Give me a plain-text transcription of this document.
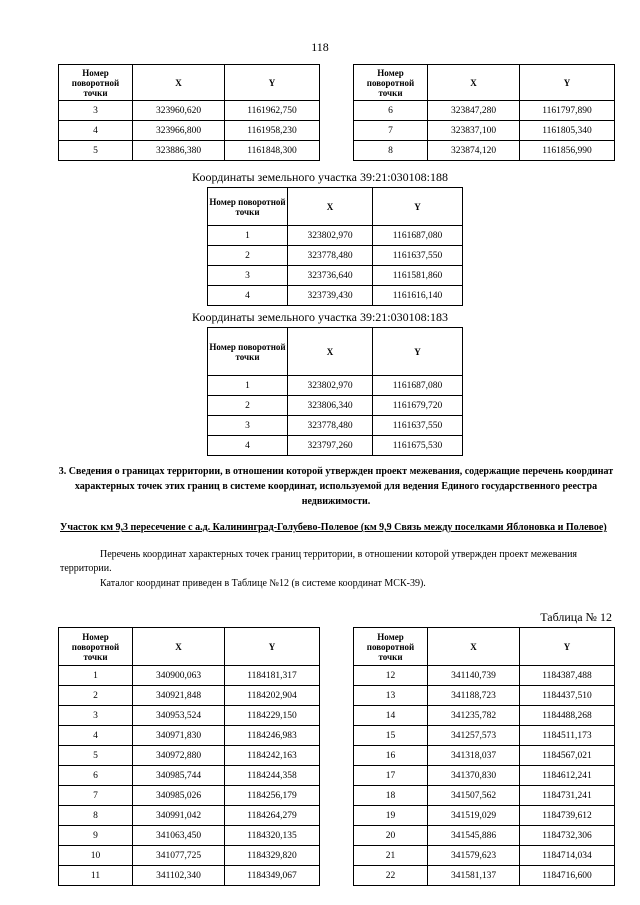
118
Номер поворотной точки	X	Y
3	323960,620	1161962,750
4	323966,800	1161958,230
5	323886,380	1161848,300
Номер поворотной точки	X	Y
6	323847,280	1161797,890
7	323837,100	1161805,340
8	323874,120	1161856,990
Координаты земельного участка 39:21:030108:188
Номер поворотной точки	X	Y
1	323802,970	1161687,080
2	323778,480	1161637,550
3	323736,640	1161581,860
4	323739,430	1161616,140
Координаты земельного участка 39:21:030108:183
Номер поворотной точки	X	Y
1	323802,970	1161687,080
2	323806,340	1161679,720
3	323778,480	1161637,550
4	323797,260	1161675,530
3. Сведения о границах территории, в отношении которой утвержден проект межевания, содержащие перечень координат характерных точек этих границ в системе координат, используемой для ведения Единого государственного реестра недвижимости.
Участок км 9,3 пересечение с а.д. Калининград-Голубево-Полевое (км 9,9 Связь между поселками Яблоновка и Полевое)
Перечень координат характерных точек границ территории, в отношении которой утвержден проект межевания территории.
Каталог координат приведен в Таблице №12 (в системе координат МСК-39).
Таблица № 12
Номер поворотной точки	X	Y
1	340900,063	1184181,317
2	340921,848	1184202,904
3	340953,524	1184229,150
4	340971,830	1184246,983
5	340972,880	1184242,163
6	340985,744	1184244,358
7	340985,026	1184256,179
8	340991,042	1184264,279
9	341063,450	1184320,135
10	341077,725	1184329,820
11	341102,340	1184349,067
Номер поворотной точки	X	Y
12	341140,739	1184387,488
13	341188,723	1184437,510
14	341235,782	1184488,268
15	341257,573	1184511,173
16	341318,037	1184567,021
17	341370,830	1184612,241
18	341507,562	1184731,241
19	341519,029	1184739,612
20	341545,886	1184732,306
21	341579,623	1184714,034
22	341581,137	1184716,600
